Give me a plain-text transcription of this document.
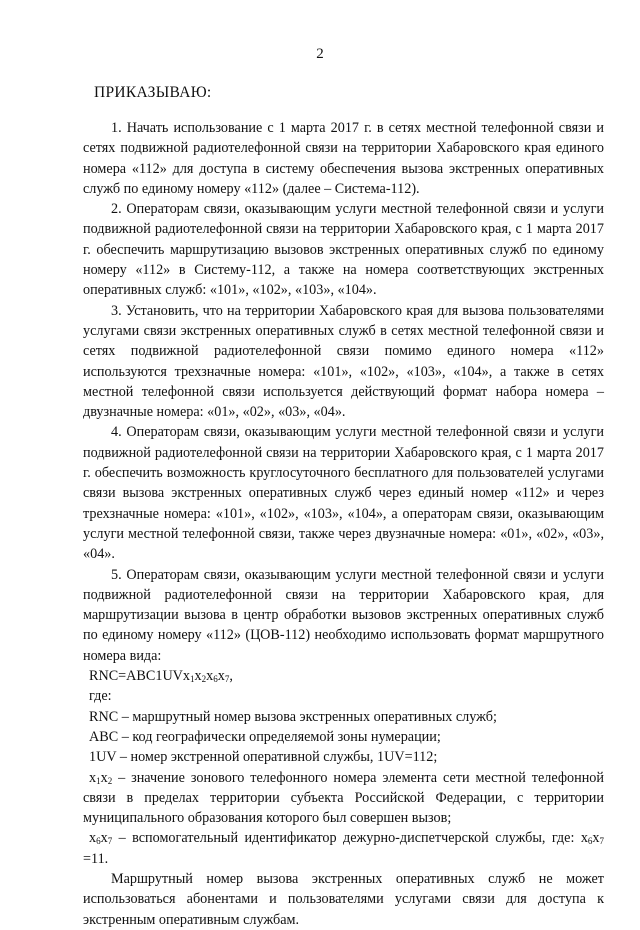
2
ПРИКАЗЫВАЮ:

1. Начать использование с 1 марта 2017 г. в сетях местной телефонной связи и сетях подвижной радиотелефонной связи на территории Хабаровского края единого номера «112» для доступа в систему обеспечения вызова экстренных оперативных служб по единому номеру «112» (далее – Система-112).

2. Операторам связи, оказывающим услуги местной телефонной связи и услуги подвижной радиотелефонной связи на территории Хабаровского края, с 1 марта 2017 г. обеспечить маршрутизацию вызовов экстренных оперативных служб по единому номеру «112» в Систему-112, а также на номера соответствующих экстренных оперативных служб: «101», «102», «103», «104».

3. Установить, что на территории Хабаровского края для вызова пользователями услугами связи экстренных оперативных служб в сетях местной телефонной связи и сетях подвижной радиотелефонной связи помимо единого номера «112» используются трехзначные номера: «101», «102», «103», «104», а также в сетях местной телефонной связи используется действующий формат набора номера – двузначные номера: «01», «02», «03», «04».

4. Операторам связи, оказывающим услуги местной телефонной связи и услуги подвижной радиотелефонной связи на территории Хабаровского края, с 1 марта 2017 г. обеспечить возможность круглосуточного бесплатного для пользователей услугами связи вызова экстренных оперативных служб через единый номер «112» и через трехзначные номера: «101», «102», «103», «104», а операторам связи, оказывающим услуги местной телефонной связи, также через двузначные номера: «01», «02», «03», «04».

5. Операторам связи, оказывающим услуги местной телефонной связи и услуги подвижной радиотелефонной связи на территории Хабаровского края, для маршрутизации вызова в центр обработки вызовов экстренных оперативных служб по единому номеру «112» (ЦОВ-112) необходимо использовать формат маршрутного номера вида:

$RNC=ABC1UVx_1x_2x_6x_7$,

где:

RNC – маршрутный номер вызова экстренных оперативных служб;

ABC – код географически определяемой зоны нумерации;

1UV – номер экстренной оперативной службы, 1UV=112;

$x_1x_2$ – значение зонового телефонного номера элемента сети местной телефонной связи в пределах территории субъекта Российской Федерации, с территории муниципального образования которого был совершен вызов;

$x_6x_7$ – вспомогательный идентификатор дежурно-диспетчерской службы, где: $x_6x_7 =11$.

Маршрутный номер вызова экстренных оперативных служб не может использоваться абонентами и пользователями услугами связи для доступа к экстренным оперативным службам.
